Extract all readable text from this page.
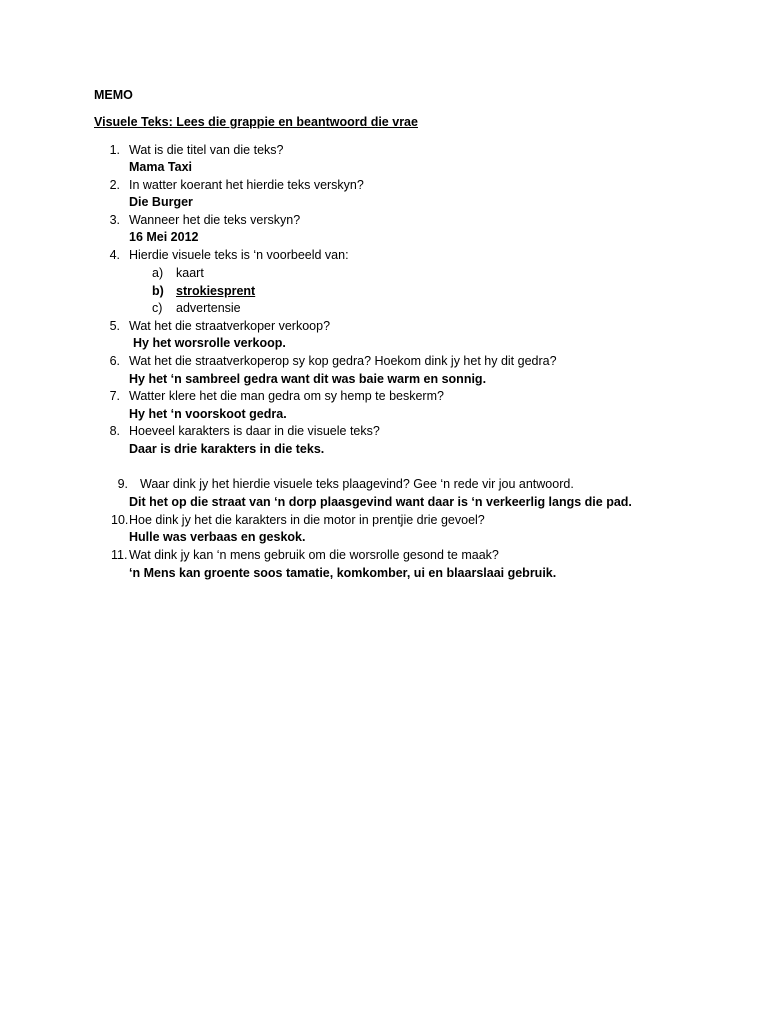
MEMO
Visuele Teks: Lees die grappie en beantwoord die vrae
1. Wat is die titel van die teks?
Mama Taxi
2. In watter koerant het hierdie teks verskyn?
Die Burger
3. Wanneer het die teks verskyn?
16 Mei 2012
4. Hierdie visuele teks is ‘n voorbeeld van:
a) kaart
b) strokiesprent
c) advertensie
5. Wat het die straatverkoper verkoop?
Hy het worsrolle verkoop.
6. Wat het die straatverkoperop sy kop gedra? Hoekom dink jy het hy dit gedra?
Hy het ‘n sambreel gedra want dit was baie warm en sonnig.
7. Watter klere het die man gedra om sy hemp te beskerm?
Hy het ‘n voorskoot gedra.
8. Hoeveel karakters is daar in die visuele teks?
Daar is drie karakters in die teks.
9. Waar dink jy het hierdie visuele teks plaagevind? Gee ‘n rede vir jou antwoord.
Dit het op die straat van ‘n dorp plaasgevind want daar is ‘n verkeerlig langs die pad.
10. Hoe dink jy het die karakters in die motor in prentjie drie gevoel?
Hulle was verbaas en geskok.
11. Wat dink jy kan ‘n mens gebruik om die worsrolle gesond te maak?
‘n Mens kan groente soos tamatie, komkomber, ui en blaarslaai gebruik.
